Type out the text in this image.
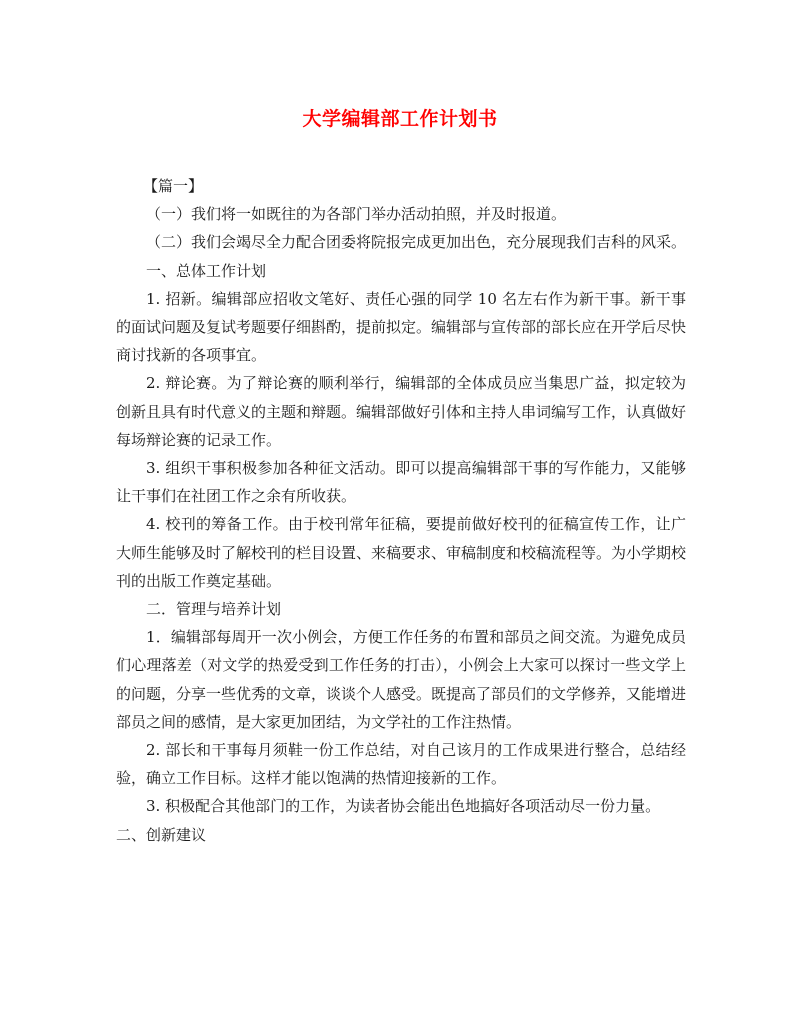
大学编辑部工作计划书

【篇一】

（一）我们将一如既往的为各部门举办活动拍照，并及时报道。

（二）我们会竭尽全力配合团委将院报完成更加出色，充分展现我们吉科的风采。

一、总体工作计划

1. 招新。编辑部应招收文笔好、责任心强的同学 10 名左右作为新干事。新干事的面试问题及复试考题要仔细斟酌，提前拟定。编辑部与宣传部的部长应在开学后尽快商讨找新的各项事宜。

2. 辩论赛。为了辩论赛的顺利举行，编辑部的全体成员应当集思广益，拟定较为创新且具有时代意义的主题和辩题。编辑部做好引体和主持人串词编写工作，认真做好每场辩论赛的记录工作。

3. 组织干事积极参加各种征文活动。即可以提高编辑部干事的写作能力，又能够让干事们在社团工作之余有所收获。

4. 校刊的筹备工作。由于校刊常年征稿，要提前做好校刊的征稿宣传工作，让广大师生能够及时了解校刊的栏目设置、来稿要求、审稿制度和校稿流程等。为小学期校刊的出版工作奠定基础。

二．管理与培养计划

1．编辑部每周开一次小例会，方便工作任务的布置和部员之间交流。为避免成员们心理落差（对文学的热爱受到工作任务的打击），小例会上大家可以探讨一些文学上的问题，分享一些优秀的文章，谈谈个人感受。既提高了部员们的文学修养，又能增进部员之间的感情，是大家更加团结，为文学社的工作注热情。

2. 部长和干事每月须鞋一份工作总结，对自己该月的工作成果进行整合，总结经验，确立工作目标。这样才能以饱满的热情迎接新的工作。

3. 积极配合其他部门的工作，为读者协会能出色地搞好各项活动尽一份力量。

二、创新建议
